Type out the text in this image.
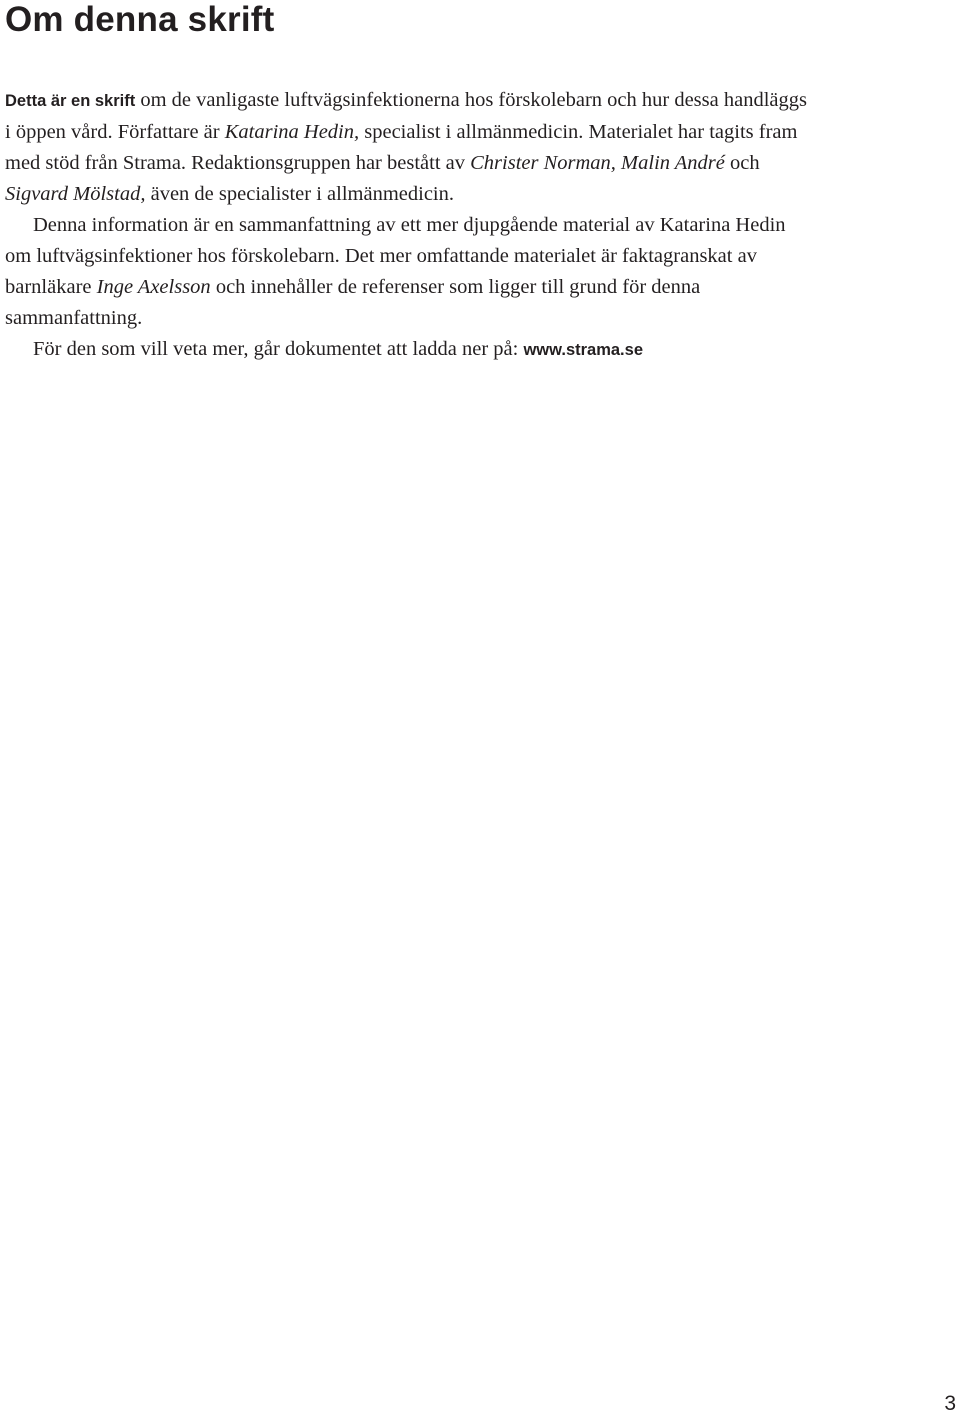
Om denna skrift

Detta är en skrift om de vanligaste luftvägsinfektionerna hos förskolebarn och hur dessa handläggs i öppen vård. Författare är Katarina Hedin, specialist i allmänmedicin. Materialet har tagits fram med stöd från Strama. Redaktionsgruppen har bestått av Christer Norman, Malin André och Sigvard Mölstad, även de specialister i allmänmedicin.

Denna information är en sammanfattning av ett mer djupgående material av Katarina Hedin om luftvägsinfektioner hos förskolebarn. Det mer omfattande materialet är faktagranskat av barnläkare Inge Axelsson och innehåller de referenser som ligger till grund för denna sammanfattning.

För den som vill veta mer, går dokumentet att ladda ner på: www.strama.se

3
